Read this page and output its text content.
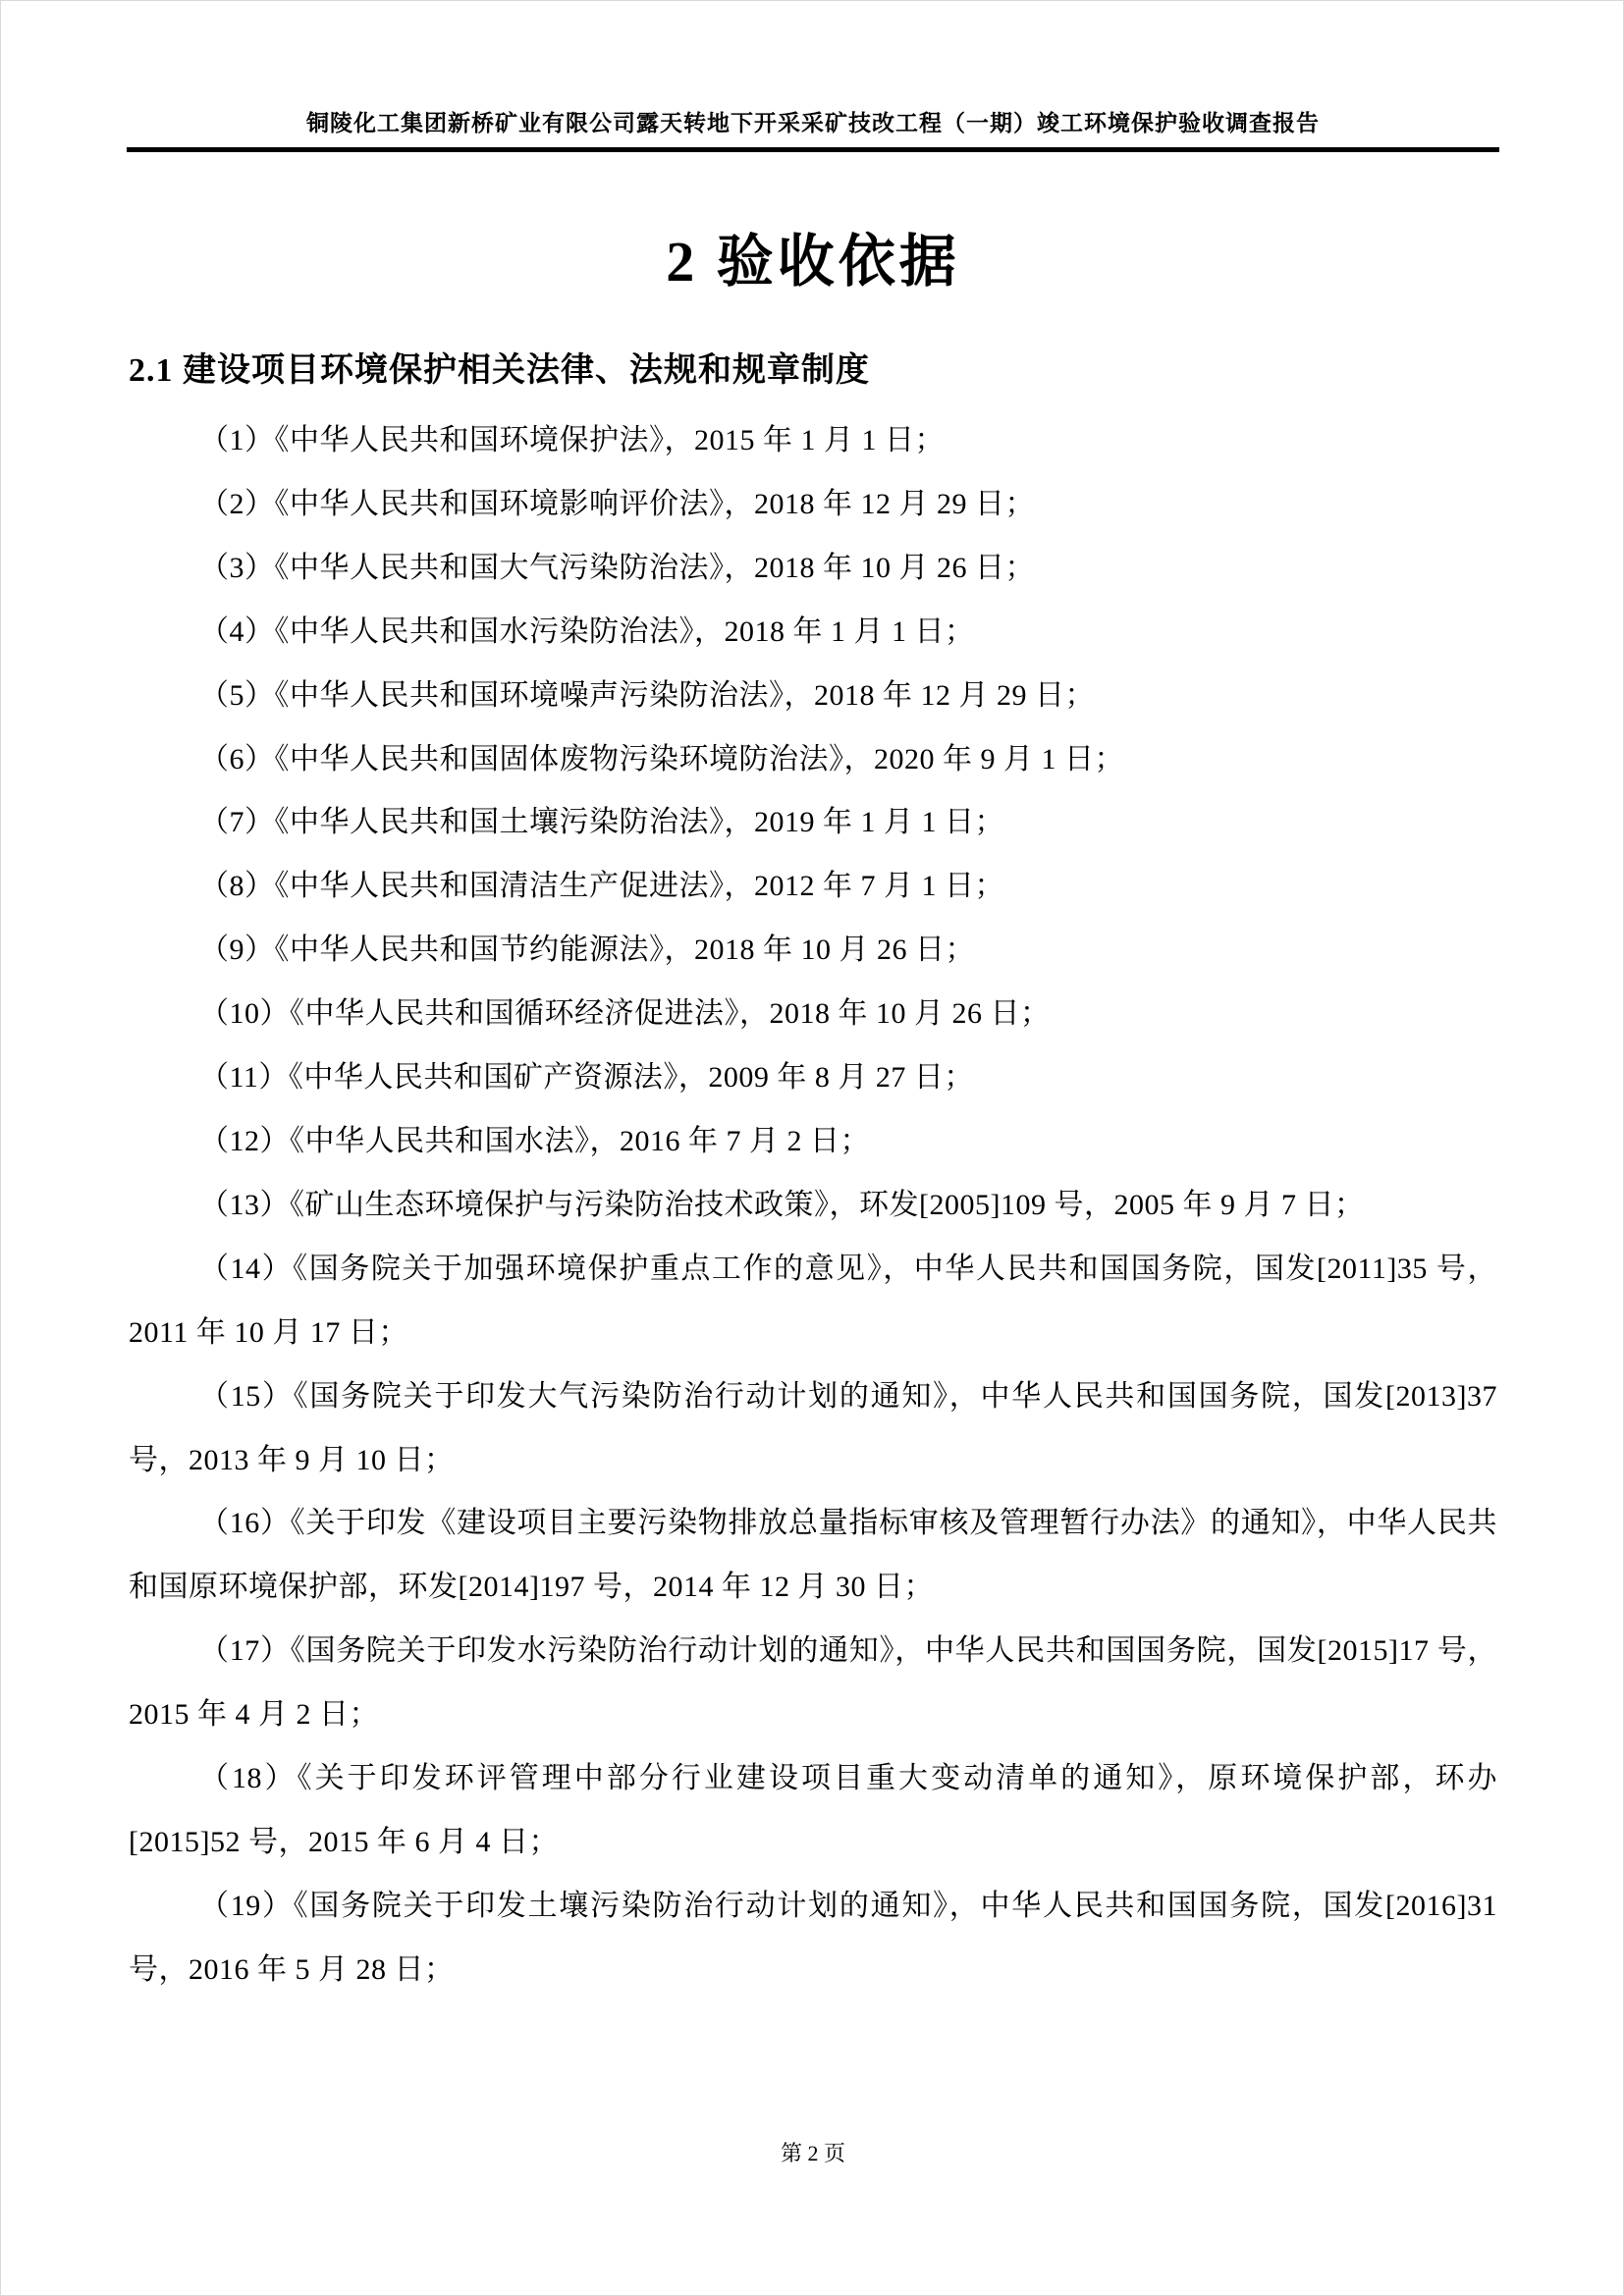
铜陵化工集团新桥矿业有限公司露天转地下开采采矿技改工程（一期）竣工环境保护验收调查报告
2 验收依据
2.1 建设项目环境保护相关法律、法规和规章制度

（1）《中华人民共和国环境保护法》，2015 年 1 月 1 日；

（2）《中华人民共和国环境影响评价法》，2018 年 12 月 29 日；

（3）《中华人民共和国大气污染防治法》，2018 年 10 月 26 日；

（4）《中华人民共和国水污染防治法》，2018 年 1 月 1 日；

（5）《中华人民共和国环境噪声污染防治法》，2018 年 12 月 29 日；

（6）《中华人民共和国固体废物污染环境防治法》，2020 年 9 月 1 日；

（7）《中华人民共和国土壤污染防治法》，2019 年 1 月 1 日；

（8）《中华人民共和国清洁生产促进法》，2012 年 7 月 1 日；

（9）《中华人民共和国节约能源法》，2018 年 10 月 26 日；

（10）《中华人民共和国循环经济促进法》，2018 年 10 月 26 日；

（11）《中华人民共和国矿产资源法》，2009 年 8 月 27 日；

（12）《中华人民共和国水法》，2016 年 7 月 2 日；

（13）《矿山生态环境保护与污染防治技术政策》，环发[2005]109 号，2005 年 9 月 7 日；

（14）《国务院关于加强环境保护重点工作的意见》，中华人民共和国国务院，国发[2011]35 号，2011 年 10 月 17 日；

（15）《国务院关于印发大气污染防治行动计划的通知》，中华人民共和国国务院，国发[2013]37 号，2013 年 9 月 10 日；

（16）《关于印发《建设项目主要污染物排放总量指标审核及管理暂行办法》的通知》，中华人民共和国原环境保护部，环发[2014]197 号，2014 年 12 月 30 日；

（17）《国务院关于印发水污染防治行动计划的通知》，中华人民共和国国务院，国发[2015]17 号，2015 年 4 月 2 日；

（18）《关于印发环评管理中部分行业建设项目重大变动清单的通知》，原环境保护部，环办[2015]52 号，2015 年 6 月 4 日；

（19）《国务院关于印发土壤污染防治行动计划的通知》，中华人民共和国国务院，国发[2016]31 号，2016 年 5 月 28 日；

第 2 页
